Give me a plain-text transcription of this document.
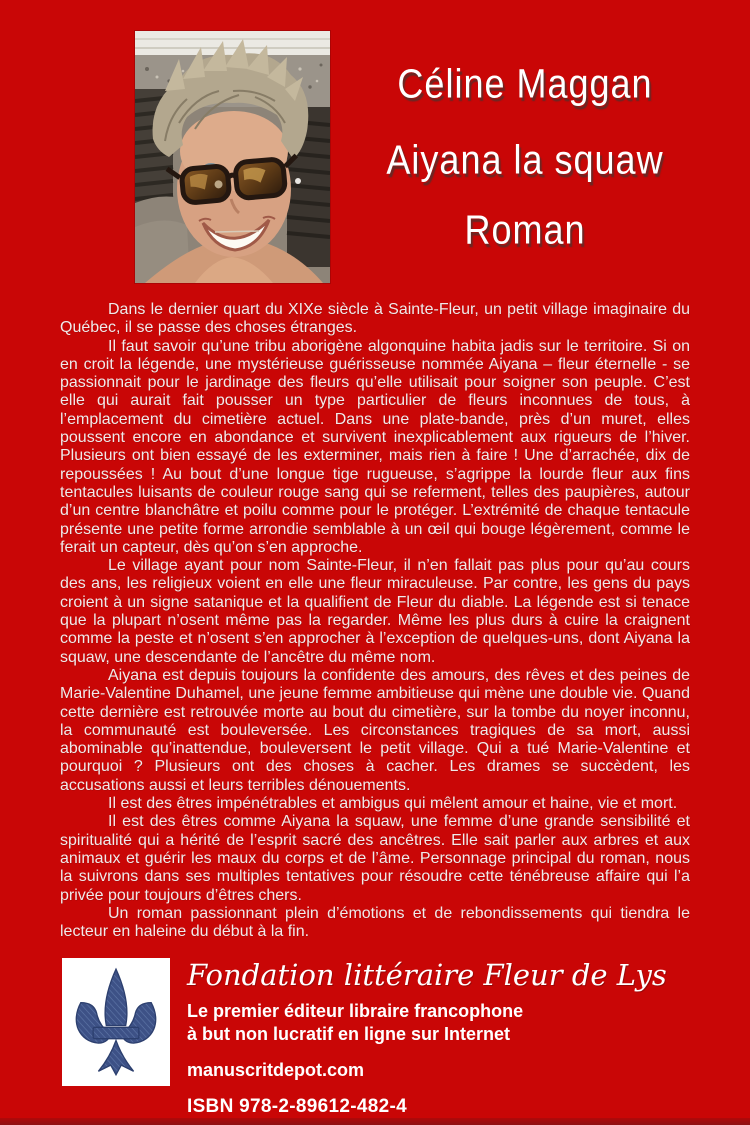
Céline Maggan
Aiyana la squaw
Roman

Dans le dernier quart du XIXe siècle à Sainte-Fleur, un petit village imaginaire du Québec, il se passe des choses étranges.

Il faut savoir qu’une tribu aborigène algonquine habita jadis sur le territoire. Si on en croit la légende, une mystérieuse guérisseuse nommée Aiyana – fleur éternelle - se passionnait pour le jardinage des fleurs qu’elle utilisait pour soigner son peuple. C’est elle qui aurait fait pousser un type particulier de fleurs inconnues de tous, à l’emplacement du cimetière actuel. Dans une plate-bande, près d’un muret, elles poussent encore en abondance et survivent inexplicablement aux rigueurs de l’hiver. Plusieurs ont bien essayé de les exterminer, mais rien à faire ! Une d’arrachée, dix de repoussées ! Au bout d’une longue tige rugueuse, s’agrippe la lourde fleur aux fins tentacules luisants de couleur rouge sang qui se referment, telles des paupières, autour d’un centre blanchâtre et poilu comme pour le protéger. L’extrémité de chaque tentacule présente une petite forme arrondie semblable à un œil qui bouge légèrement, comme le ferait un capteur, dès qu’on s’en approche.

Le village ayant pour nom Sainte-Fleur, il n’en fallait pas plus pour qu’au cours des ans, les religieux voient en elle une fleur miraculeuse. Par contre, les gens du pays croient à un signe satanique et la qualifient de Fleur du diable. La légende est si tenace que la plupart n’osent même pas la regarder. Même les plus durs à cuire la craignent comme la peste et n’osent s’en approcher à l’exception de quelques-uns, dont Aiyana la squaw, une descendante de l’ancêtre du même nom.

Aiyana est depuis toujours la confidente des amours, des rêves et des peines de Marie-Valentine Duhamel, une jeune femme ambitieuse qui mène une double vie. Quand cette dernière est retrouvée morte au bout du cimetière, sur la tombe du noyer inconnu, la communauté est bouleversée. Les circonstances tragiques de sa mort, aussi abominable qu’inattendue, bouleversent le petit village. Qui a tué Marie-Valentine et pourquoi ? Plusieurs ont des choses à cacher. Les drames se succèdent, les accusations aussi et leurs terribles dénouements.

Il est des êtres impénétrables et ambigus qui mêlent amour et haine, vie et mort.

Il est des êtres comme Aiyana la squaw, une femme d’une grande sensibilité et spiritualité qui a hérité de l’esprit sacré des ancêtres. Elle sait parler aux arbres et aux animaux et guérir les maux du corps et de l’âme. Personnage principal du roman, nous la suivrons dans ses multiples tentatives pour résoudre cette ténébreuse affaire qui l’a privée pour toujours d’êtres chers.

Un roman passionnant plein d’émotions et de rebondissements qui tiendra le lecteur en haleine du début à la fin.

Fondation littéraire Fleur de Lys
Le premier éditeur libraire francophone
à but non lucratif en ligne sur Internet
manuscritdepot.com
ISBN 978-2-89612-482-4
